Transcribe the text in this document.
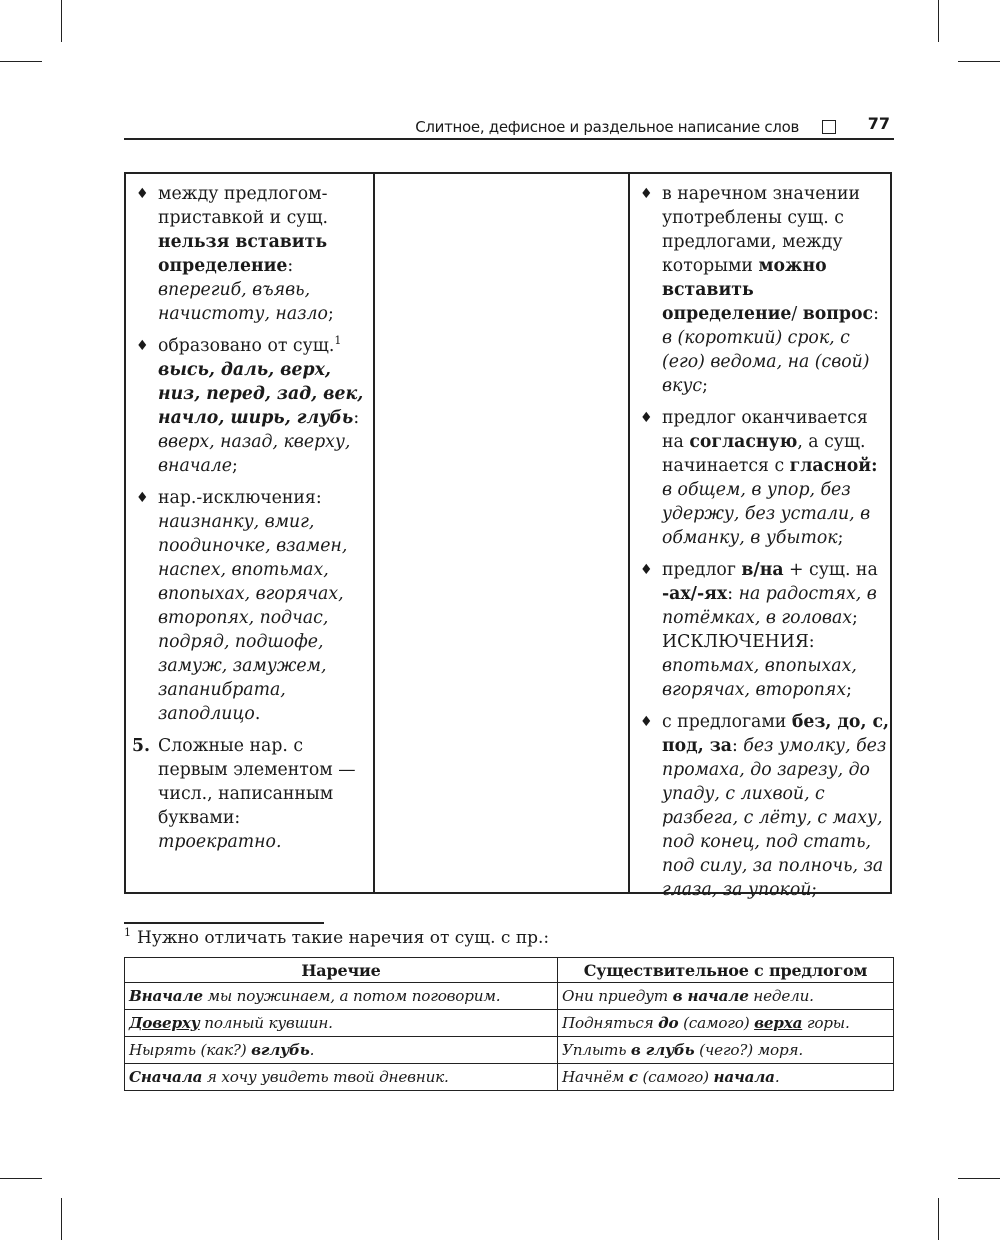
Слитное, дефисное и раздельное написание слов	77
♦ между предлогом-приставкой и сущ. нельзя вставить определение: вперегиб, въявь, начистоту, назло;
♦ образовано от сущ.$^1$ высь, даль, верх, низ, перед, зад, век, начло, ширь, глубь: вверх, назад, кверху, вначале;
♦ нар.-исключения:
наизнанку, вмиг, поодиночке, взамен, наспех, впотьмах, впопыхах, вгорячах, второпях, подчас, подряд, подшофе, замуж, замужем, запанибрата, заподлицо.
5. Сложные нар. с первым элементом — числ., написанным буквами:
троекратно.
♦ в наречном значении употреблены сущ. с предлогами, между которыми можно вставить определение/ вопрос: в (короткий) срок, с (его) ведома, на (свой) вкус;
♦ предлог оканчивается на согласную, а сущ. начинается с гласной: в общем, в упор, без удержу, без устали, в обманку, в убыток;
♦ предлог в/на + сущ. на -ах/-ях: на радостях, в потёмках, в головах;
ИСКЛЮЧЕНИЯ:
впотьмах, впопыхах, вгорячах, второпях;
♦ с предлогами без, до, с, под, за: без умолку, без промаха, до зарезу, до упаду, с лихвой, с разбега, с лёту, с маху, под конец, под стать, под силу, за полночь, за глаза, за упокой;
$^1$ Нужно отличать такие наречия от сущ. с пр.:
Наречие	Существительное с предлогом
Вначале мы поужинаем, а потом поговорим.	Они приедут в начале недели.
Доверху полный кувшин.	Подняться до (самого) верха горы.
Нырять (как?) вглубь.	Уплыть в глубь (чего?) моря.
Сначала я хочу увидеть твой дневник.	Начнём с (самого) начала.
